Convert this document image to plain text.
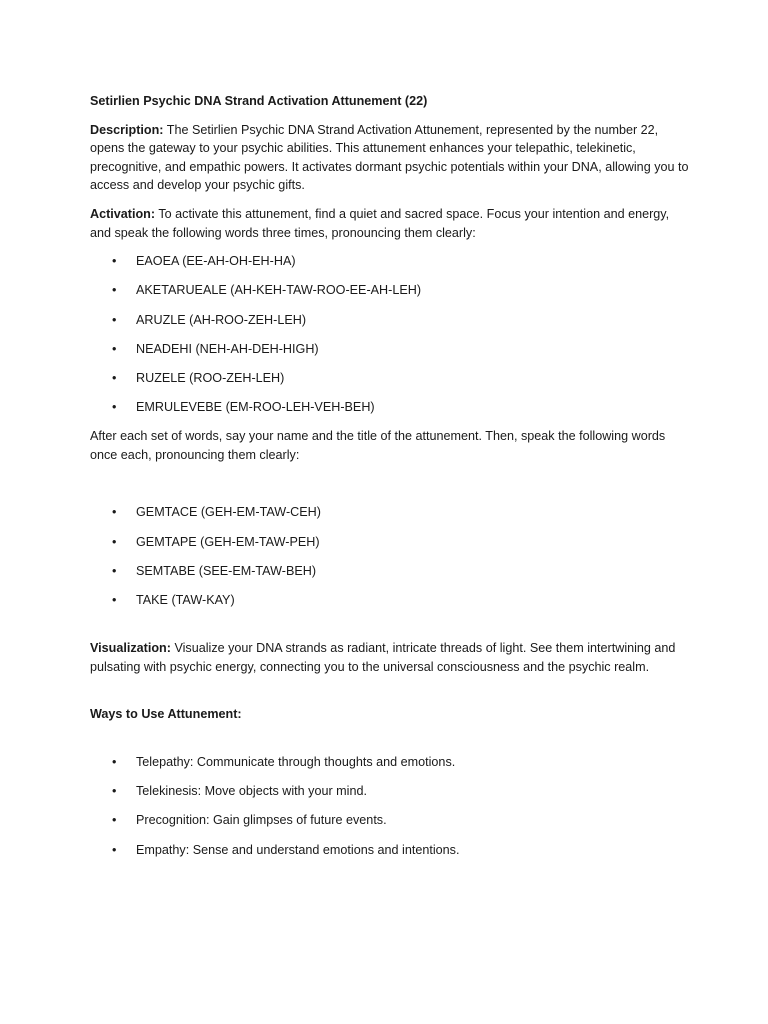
Setirlien Psychic DNA Strand Activation Attunement (22)

Description: The Setirlien Psychic DNA Strand Activation Attunement, represented by the number 22, opens the gateway to your psychic abilities. This attunement enhances your telepathic, telekinetic, precognitive, and empathic powers. It activates dormant psychic potentials within your DNA, allowing you to access and develop your psychic gifts.

Activation: To activate this attunement, find a quiet and sacred space. Focus your intention and energy, and speak the following words three times, pronouncing them clearly:

• EAOEA (EE-AH-OH-EH-HA)
• AKETARUEALE (AH-KEH-TAW-ROO-EE-AH-LEH)
• ARUZLE (AH-ROO-ZEH-LEH)
• NEADEHI (NEH-AH-DEH-HIGH)
• RUZELE (ROO-ZEH-LEH)
• EMRULEVEBE (EM-ROO-LEH-VEH-BEH)

After each set of words, say your name and the title of the attunement. Then, speak the following words once each, pronouncing them clearly:

• GEMTACE (GEH-EM-TAW-CEH)
• GEMTAPE (GEH-EM-TAW-PEH)
• SEMTABE (SEE-EM-TAW-BEH)
• TAKE (TAW-KAY)

Visualization: Visualize your DNA strands as radiant, intricate threads of light. See them intertwining and pulsating with psychic energy, connecting you to the universal consciousness and the psychic realm.

Ways to Use Attunement:

• Telepathy: Communicate through thoughts and emotions.
• Telekinesis: Move objects with your mind.
• Precognition: Gain glimpses of future events.
• Empathy: Sense and understand emotions and intentions.
